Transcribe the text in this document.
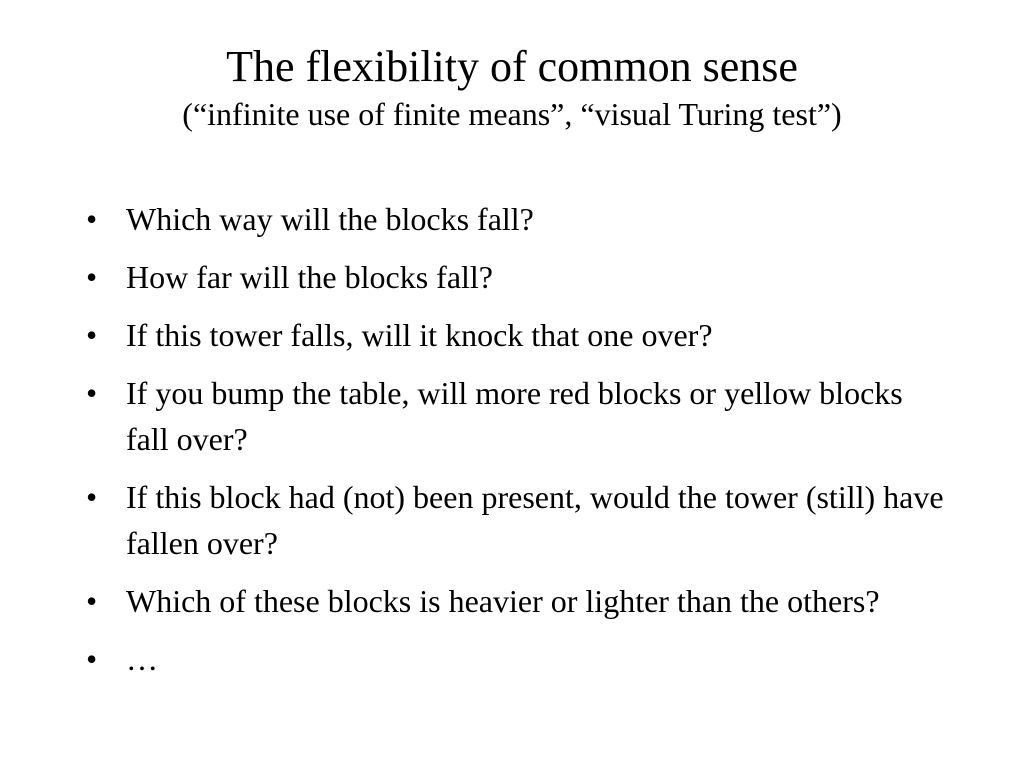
The flexibility of common sense

(“infinite use of finite means”, “visual Turing test”)

• Which way will the blocks fall?
• How far will the blocks fall?
• If this tower falls, will it knock that one over?
• If you bump the table, will more red blocks or yellow blocks fall over?
• If this block had (not) been present, would the tower (still) have fallen over?
• Which of these blocks is heavier or lighter than the others?
• …
